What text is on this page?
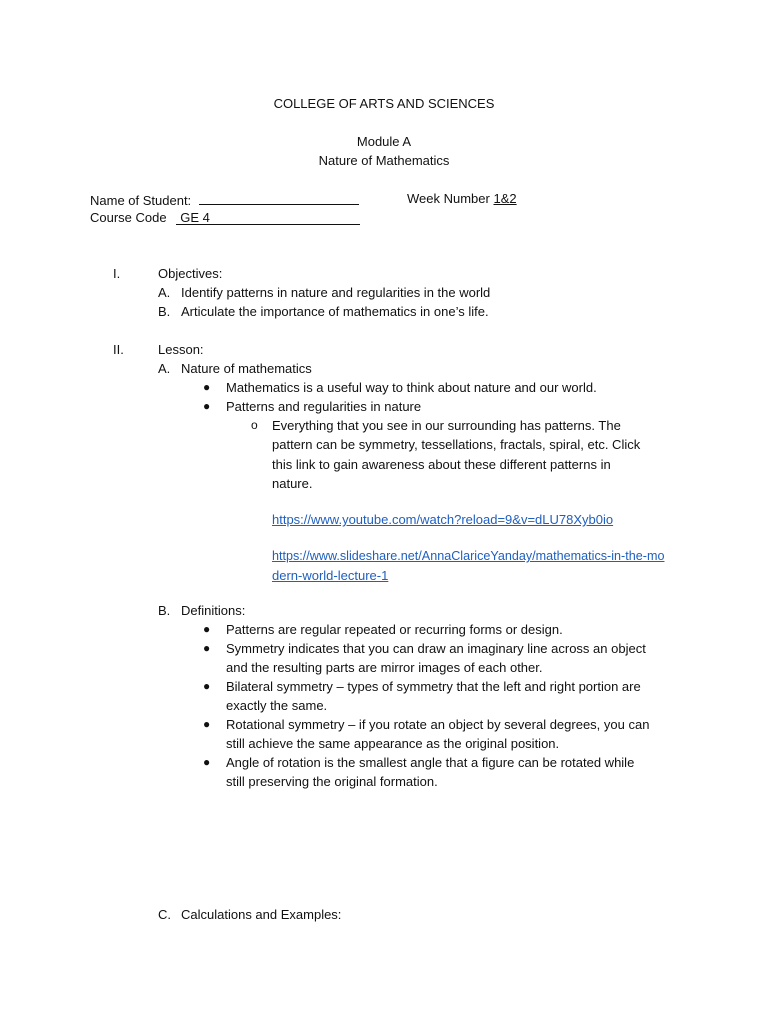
COLLEGE OF ARTS AND SCIENCES
Module A
Nature of Mathematics
Name of Student:	Week Number 1&2
Course Code GE 4
I.	Objectives:
A. Identify patterns in nature and regularities in the world
B. Articulate the importance of mathematics in one’s life.
II.	Lesson:
A. Nature of mathematics
● Mathematics is a useful way to think about nature and our world.
● Patterns and regularities in nature
o Everything that you see in our surrounding has patterns. The
pattern can be symmetry, tessellations, fractals, spiral, etc. Click
this link to gain awareness about these different patterns in
nature.
https://www.youtube.com/watch?reload=9&v=dLU78Xyb0io
https://www.slideshare.net/AnnaClariceYanday/mathematics-in-the-mo
dern-world-lecture-1
B. Definitions:
● Patterns are regular repeated or recurring forms or design.
● Symmetry indicates that you can draw an imaginary line across an object
and the resulting parts are mirror images of each other.
● Bilateral symmetry – types of symmetry that the left and right portion are
exactly the same.
● Rotational symmetry – if you rotate an object by several degrees, you can
still achieve the same appearance as the original position.
● Angle of rotation is the smallest angle that a figure can be rotated while
still preserving the original formation.
C. Calculations and Examples:
